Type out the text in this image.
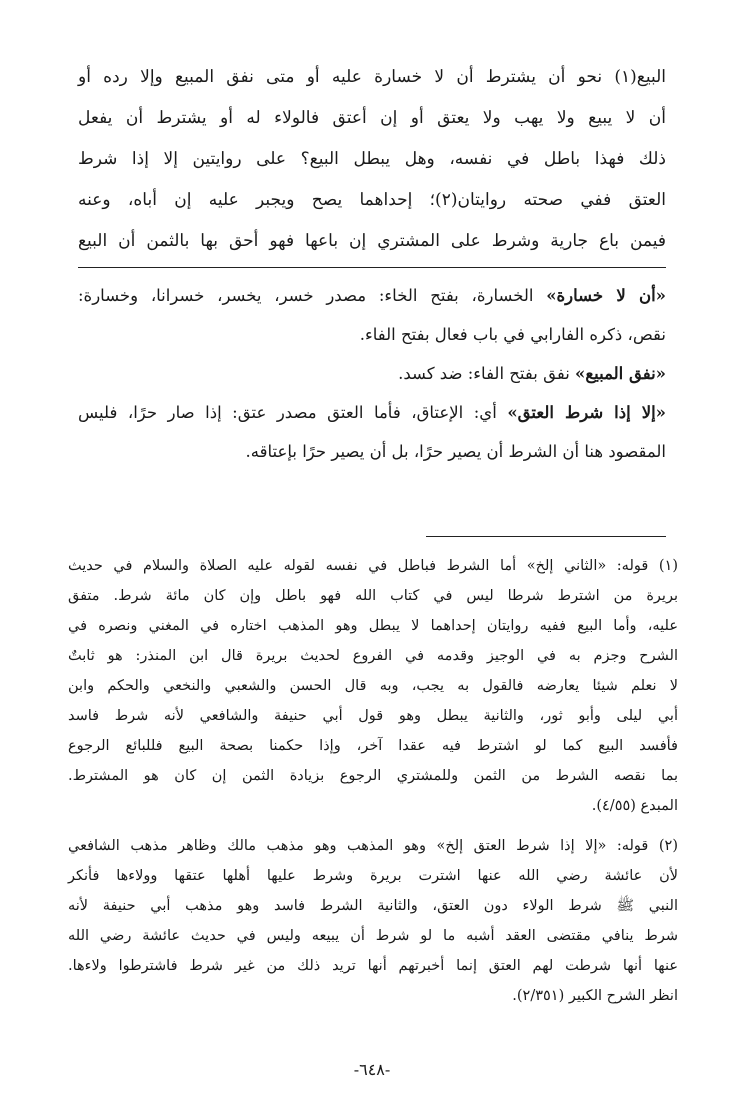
البيع(١) نحو أن يشترط أن لا خسارة عليه أو متى نفق المبيع وإلا رده أو
أن لا يبيع ولا يهب ولا يعتق أو إن أعتق فالولاء له أو يشترط أن يفعل
ذلك فهذا باطل في نفسه، وهل يبطل البيع؟ على روايتين إلا إذا شرط
العتق ففي صحته روايتان(٢)؛ إحداهما يصح ويجبر عليه إن أباه، وعنه
فيمن باع جارية وشرط على المشتري إن باعها فهو أحق بها بالثمن أن البيع
«أن لا خسارة» الخسارة، بفتح الخاء: مصدر خسر، يخسر، خسرانا، وخسارة:
نقص، ذكره الفارابي في باب فعال بفتح الفاء.
«نفق المبيع» نفق بفتح الفاء: ضد كسد.
«إلا إذا شرط العتق» أي: الإعتاق، فأما العتق مصدر عتق: إذا صار حرًا، فليس
المقصود هنا أن الشرط أن يصير حرًا، بل أن يصير حرًا بإعتاقه.
(١) قوله: «الثاني إلخ» أما الشرط فباطل في نفسه لقوله عليه الصلاة والسلام في حديث
بريرة من اشترط شرطا ليس في كتاب الله فهو باطل وإن كان مائة شرط. متفق
عليه، وأما البيع ففيه روايتان إحداهما لا يبطل وهو المذهب اختاره في المغني ونصره في
الشرح وجزم به في الوجيز وقدمه في الفروع لحديث بريرة قال ابن المنذر: هو ثابتٌ
لا نعلم شيئا يعارضه فالقول به يجب، وبه قال الحسن والشعبي والنخعي والحكم وابن
أبي ليلى وأبو ثور، والثانية يبطل وهو قول أبي حنيفة والشافعي لأنه شرط فاسد
فأفسد البيع كما لو اشترط فيه عقدا آخر، وإذا حكمنا بصحة البيع فللبائع الرجوع
بما نقصه الشرط من الثمن وللمشتري الرجوع بزيادة الثمن إن كان هو المشترط.
المبدع (٤/٥٥).
(٢) قوله: «إلا إذا شرط العتق إلخ» وهو المذهب وهو مذهب مالك وظاهر مذهب الشافعي
لأن عائشة رضي الله عنها اشترت بريرة وشرط عليها أهلها عتقها وولاءها فأنكر
النبي ﷺ شرط الولاء دون العتق، والثانية الشرط فاسد وهو مذهب أبي حنيفة لأنه
شرط ينافي مقتضى العقد أشبه ما لو شرط أن يبيعه وليس في حديث عائشة رضي الله
عنها أنها شرطت لهم العتق إنما أخبرتهم أنها تريد ذلك من غير شرط فاشترطوا ولاءها.
انظر الشرح الكبير (٢/٣٥١).
-٦٤٨-
